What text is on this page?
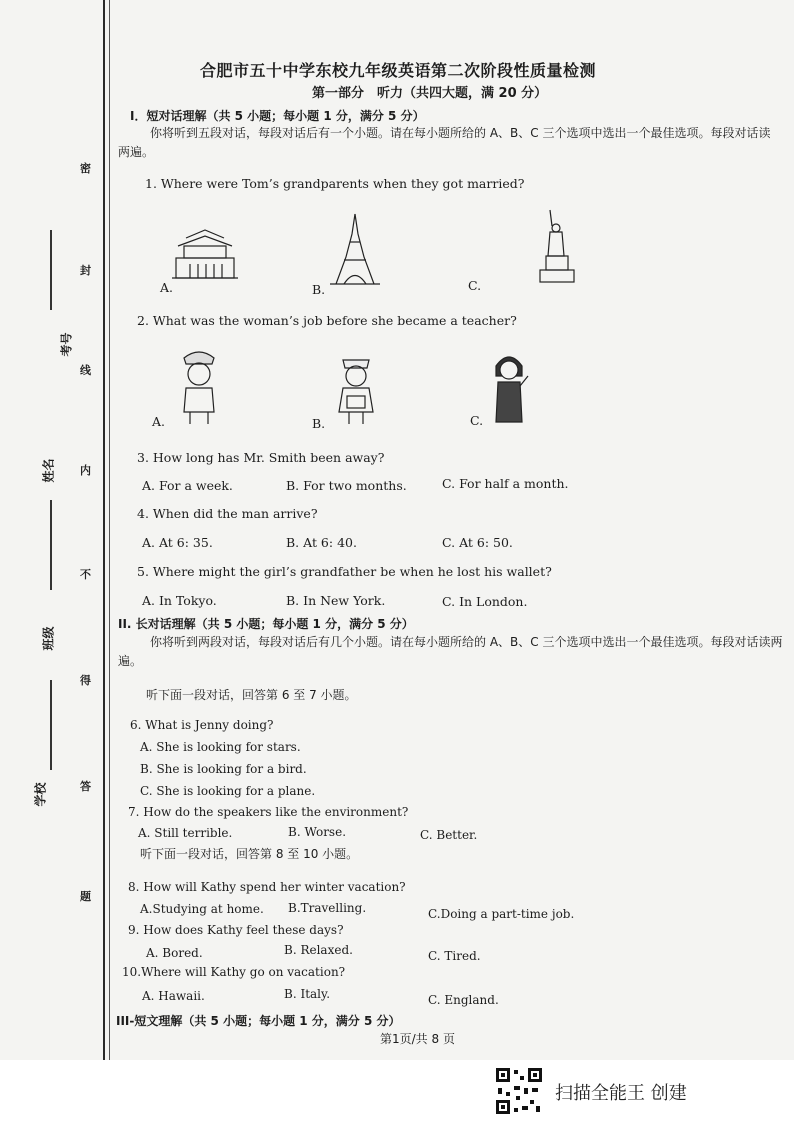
密
封
线
内
不
得
答
题
考号
姓名
班级
学校
合肥市五十中学东校九年级英语第二次阶段性质量检测
第一部分　听力（共四大题，满 20 分）
I．短对话理解（共 5 小题；每小题 1 分，满分 5 分）
你将听到五段对话，每段对话后有一个小题。请在每小题所给的 A、B、C 三个选项中选出一个最佳选项。每段对话读两遍。
1. Where were Tom’s grandparents when they got married?
A.	B.	C.
2. What was the woman’s job before she became a teacher?
A.	B.	C.
3. How long has Mr. Smith been away?
A. For a week.	B. For two months.	C. For half a month.
4. When did the man arrive?
A. At 6: 35.	B. At 6: 40.	C. At 6: 50.
5. Where might the girl’s grandfather be when he lost his wallet?
A. In Tokyo.	B. In New York.	C. In London.
II. 长对话理解（共 5 小题；每小题 1 分，满分 5 分）
你将听到两段对话，每段对话后有几个小题。请在每小题所给的 A、B、C 三个选项中选出一个最佳选项。每段对话读两遍。
听下面一段对话，回答第 6 至 7 小题。
6. What is Jenny doing?
A. She is looking for stars.
B. She is looking for a bird.
C. She is looking for a plane.
7. How do the speakers like the environment?
A. Still terrible.	B. Worse.	C. Better.
听下面一段对话，回答第 8 至 10 小题。
8. How will Kathy spend her winter vacation?
A.Studying at home. B.Travelling.	C.Doing a part-time job.
9. How does Kathy feel these days?
A. Bored.	B. Relaxed.	C. Tired.
10.Where will Kathy go on vacation?
A. Hawaii.	B. Italy.	C. England.
III-短文理解（共 5 小题；每小题 1 分，满分 5 分）
第1页/共 8 页
扫描全能王 创建
